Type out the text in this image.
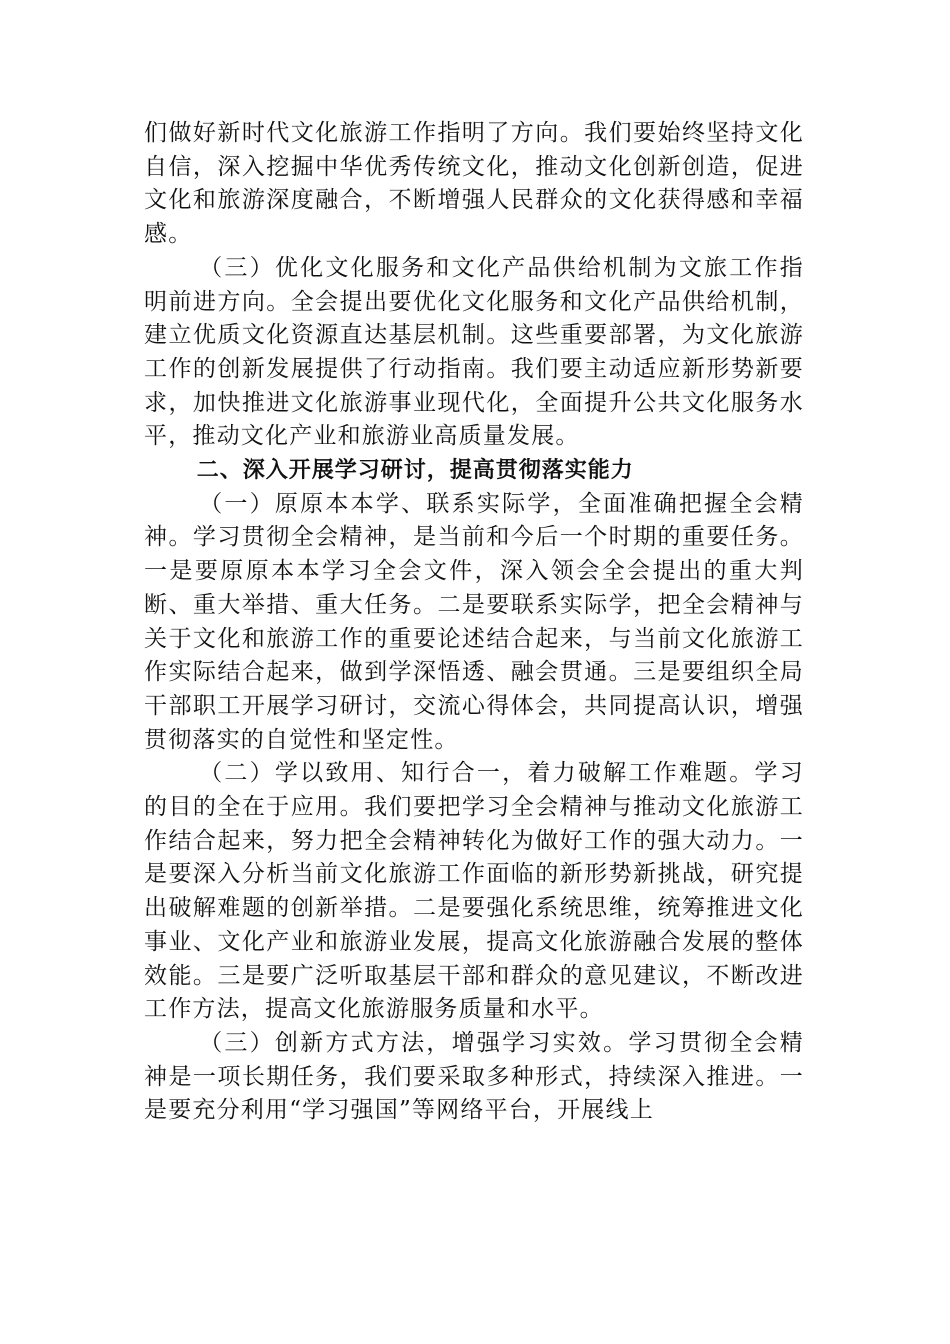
们做好新时代文化旅游工作指明了方向。我们要始终坚持文化自信，深入挖掘中华优秀传统文化，推动文化创新创造，促进文化和旅游深度融合，不断增强人民群众的文化获得感和幸福感。

（三）优化文化服务和文化产品供给机制为文旅工作指明前进方向。全会提出要优化文化服务和文化产品供给机制，建立优质文化资源直达基层机制。这些重要部署，为文化旅游工作的创新发展提供了行动指南。我们要主动适应新形势新要求，加快推进文化旅游事业现代化，全面提升公共文化服务水平，推动文化产业和旅游业高质量发展。

二、深入开展学习研讨，提高贯彻落实能力

（一）原原本本学、联系实际学，全面准确把握全会精神。学习贯彻全会精神，是当前和今后一个时期的重要任务。一是要原原本本学习全会文件，深入领会全会提出的重大判断、重大举措、重大任务。二是要联系实际学，把全会精神与关于文化和旅游工作的重要论述结合起来，与当前文化旅游工作实际结合起来，做到学深悟透、融会贯通。三是要组织全局干部职工开展学习研讨，交流心得体会，共同提高认识，增强贯彻落实的自觉性和坚定性。

（二）学以致用、知行合一，着力破解工作难题。学习的目的全在于应用。我们要把学习全会精神与推动文化旅游工作结合起来，努力把全会精神转化为做好工作的强大动力。一是要深入分析当前文化旅游工作面临的新形势新挑战，研究提出破解难题的创新举措。二是要强化系统思维，统筹推进文化事业、文化产业和旅游业发展，提高文化旅游融合发展的整体效能。三是要广泛听取基层干部和群众的意见建议，不断改进工作方法，提高文化旅游服务质量和水平。

（三）创新方式方法，增强学习实效。学习贯彻全会精神是一项长期任务，我们要采取多种形式，持续深入推进。一是要充分利用“学习强国”等网络平台，开展线上
